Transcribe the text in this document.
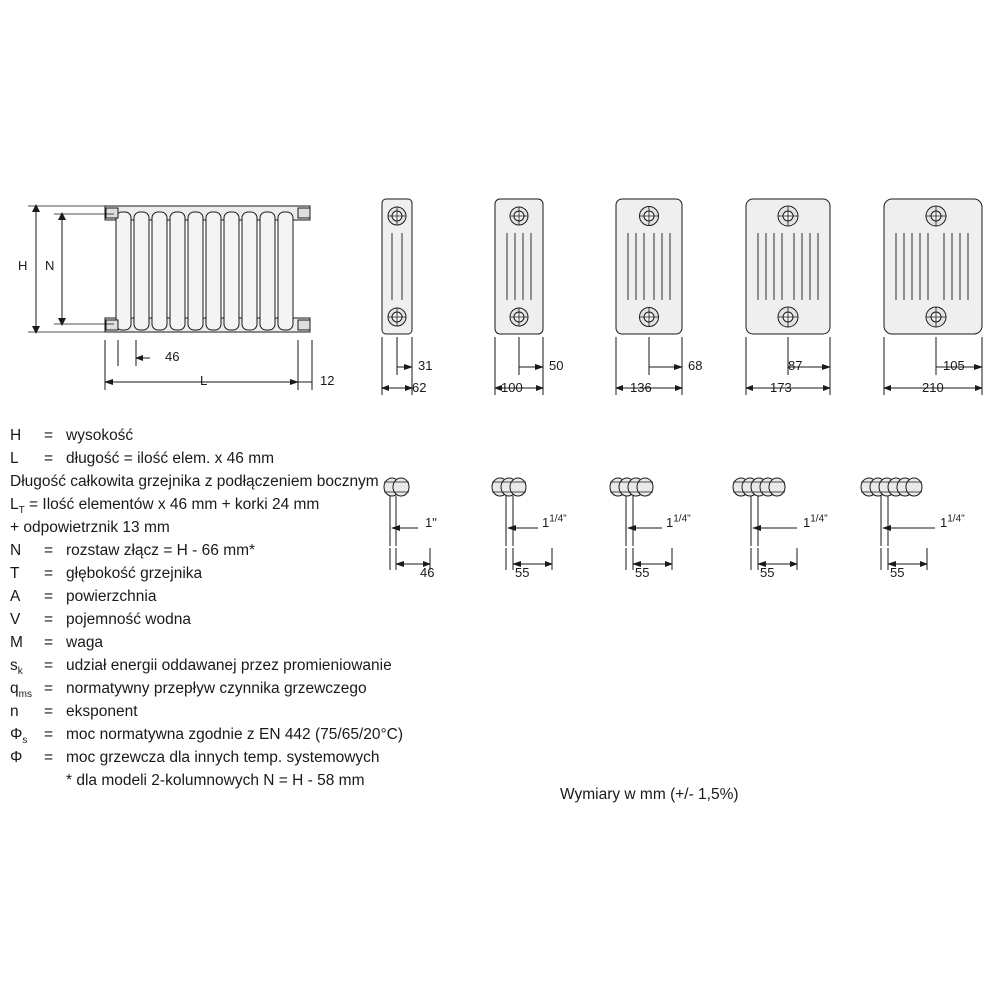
H N
46
L	12
31
62
50
100
68
136
87
173
105
210
1"
46
$1^{1/4"}$
55
$1^{1/4"}$
55
$1^{1/4"}$
55
$1^{1/4"}$
55
H	= wysokość
L	= długość = ilość elem. x 46 mm
Długość całkowita grzejnika z podłączeniem bocznym
$L_T$ = Ilość elementów x 46 mm + korki 24 mm
+ odpowietrznik 13 mm
N	= rozstaw złącz = H - 66 mm*
T	= głębokość grzejnika
A	= powierzchnia
V	= pojemność wodna
M	= waga
$s_k$	= udział energii oddawanej przez promieniowanie
$q_{ms}$ = normatywny przepływ czynnika grzewczego
n	= eksponent
$\Phi_s$	= moc normatywna zgodnie z EN 442 (75/65/20°C)
Φ	= moc grzewcza dla innych temp. systemowych
* dla modeli 2-kolumnowych N = H - 58 mm
Wymiary w mm (+/- 1,5%)
